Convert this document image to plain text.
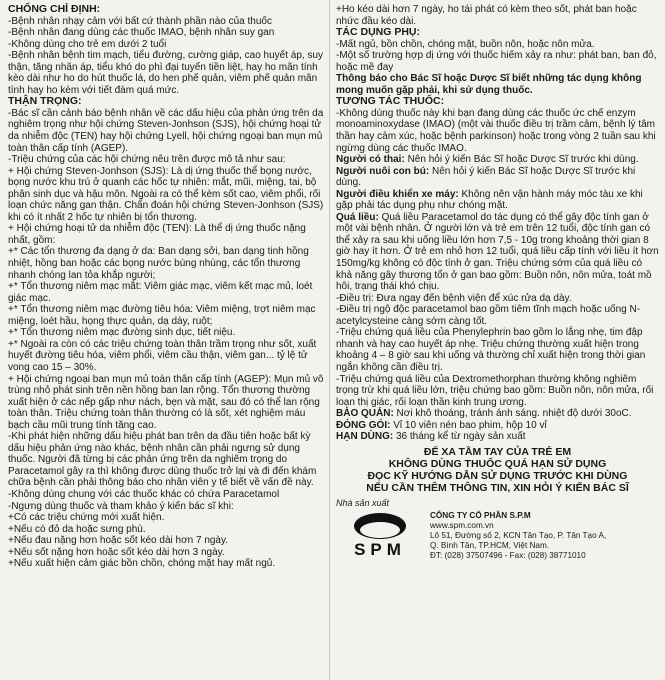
CHỐNG CHỈ ĐỊNH:

-Bệnh nhân nhạy cảm với bất cứ thành phần nào của thuốc

-Bệnh nhân đang dùng các thuốc IMAO, bệnh nhân suy gan

-Không dùng cho trẻ em dưới 2 tuổi

-Bệnh nhân bệnh tim mạch, tiểu đường, cường giáp, cao huyết áp, suy thận, tăng nhãn áp, tiểu khó do phì đại tuyến tiền liệt, hay ho mãn tính kèo dài như ho do hút thuốc lá, do hen phế quản, viêm phế quản mãn tính hay ho kèm với tiết đàm quá mức.

THẬN TRỌNG:

-Bác sĩ cần cảnh báo bệnh nhân về các dấu hiệu của phản ứng trên da nghiêm trọng như hội chứng Steven-Jonhson (SJS), hội chứng hoại tử da nhiễm độc (TEN) hay hội chứng Lyell, hội chứng ngoại ban mụn mủ toàn thân cấp tính (AGEP).

-Triệu chứng của các hội chứng nêu trên được mô tả như sau:

+ Hội chứng Steven-Jonhson (SJS): Là dị ứng thuốc thể bọng nước, bọng nước khu trú ở quanh các hốc tự nhiên: mắt, mũi, miệng, tai, bộ phận sinh dục và hậu môn. Ngoài ra có thể kèm sốt cao, viêm phổi, rối loạn chức năng gan thận. Chẩn đoán hội chứng Steven-Jonhson (SJS) khi có ít nhất 2 hốc tự nhiên bị tổn thương.

+ Hội chứng hoại tử da nhiễm độc (TEN): Là thể dị ứng thuốc nặng nhất, gồm:

+* Các tổn thương đa dạng ở da: Ban dạng sởi, ban dạng tinh hồng nhiệt, hồng ban hoặc các bọng nước bùng nhùng, các tổn thương nhanh chóng lan tỏa khắp người;

+* Tổn thương niêm mạc mắt: Viêm giác mạc, viêm kết mạc mủ, loét giác mạc.

+* Tổn thương niêm mạc đường tiêu hóa: Viêm miệng, trợt niêm mạc miệng, loét hầu, họng thực quản, dạ dày, ruột;

+* Tổn thương niêm mạc đường sinh dục, tiết niệu.

+* Ngoài ra còn có các triệu chứng toàn thân trầm trọng như sốt, xuất huyết đường tiêu hóa, viêm phổi, viêm cầu thận, viêm gan... tỷ lệ tử vong cao 15 – 30%.

+ Hội chứng ngoại ban mụn mủ toàn thân cấp tính (AGEP): Mụn mủ vô trùng nhỏ phát sinh trên nền hồng ban lan rộng. Tổn thương thường xuất hiện ở các nếp gấp như nách, bẹn và mặt, sau đó có thể lan rộng toàn thân. Triệu chứng toàn thân thường có là sốt, xét nghiệm máu bạch cầu mũi trung tính tăng cao.

-Khi phát hiện những dấu hiệu phát ban trên da đầu tiên hoặc bất kỳ dấu hiệu phản ứng nào khác, bệnh nhân cần phải ngưng sử dụng thuốc. Người đã từng bị các phản ứng trên da nghiêm trọng do Paracetamol gây ra thì không được dùng thuốc trở lại và đi đến khám chữa bệnh cần phải thông báo cho nhân viên y tế biết về vấn đề này.

-Không dùng chung với các thuốc khác có chứa Paracetamol

-Ngưng dùng thuốc và tham khảo ý kiến bác sĩ khi:

+Có các triệu chứng mới xuất hiện.

+Nếu có đỏ da hoặc sưng phù.

+Nếu đau nặng hơn hoặc sốt kéo dài hơn 7 ngày.

+Nếu sốt nặng hơn hoặc sốt kéo dài hơn 3 ngày.

+Nếu xuất hiện cảm giác bồn chồn, chóng mặt hay mất ngủ.

+Ho kéo dài hơn 7 ngày, ho tái phát có kèm theo sốt, phát ban hoặc nhức đầu kéo dài.

TÁC DỤNG PHỤ:

-Mất ngủ, bồn chồn, chóng mặt, buồn nôn, hoặc nôn mửa.

-Một số trường hợp dị ứng với thuốc hiếm xảy ra như: phát ban, ban đỏ, hoặc mề đay

Thông báo cho Bác Sĩ hoặc Dược Sĩ biết những tác dụng không mong muốn gặp phải, khi sử dụng thuốc.

TƯƠNG TÁC THUỐC:

-Không dùng thuốc này khi bạn đang dùng các thuốc ức chế enzym monoaminoxydase (IMAO) (một vài thuốc điều trị trầm cảm, bệnh lý tâm thần hay cảm xúc, hoặc bệnh parkinson) hoặc trong vòng 2 tuần sau khi ngừng dùng các thuốc IMAO.

Người có thai: Nên hỏi ý kiến Bác Sĩ hoặc Dược Sĩ trước khi dùng.

Người nuôi con bú: Nên hỏi ý kiến Bác Sĩ hoặc Dược Sĩ trước khi dùng.

Người điều khiển xe máy: Không nên vận hành máy móc tàu xe khi gặp phải tác dụng phụ như chóng mặt.

Quá liều: Quá liều Paracetamol do tác dụng có thể gây độc tính gan ở một vài bệnh nhân. Ở người lớn và trẻ em trên 12 tuổi, độc tính gan có thể xảy ra sau khi uống liều lớn hơn 7,5 - 10g trong khoảng thời gian 8 giờ hay ít hơn. Ở trẻ em nhỏ hơn 12 tuổi, quá liều cấp tính với liều ít hơn 150mg/kg không có độc tính ở gan. Triệu chứng sớm của quá liều có khả năng gây thương tổn ở gan bao gồm: Buồn nôn, nôn mửa, toát mồ hôi, trạng thái khó chịu.

-Điều trị: Đưa ngay đến bệnh viện để xúc rửa dạ dày.

-Điều trị ngộ độc paracetamol bao gồm tiêm tĩnh mạch hoặc uống N-acetylcysteine càng sớm càng tốt.

-Triệu chứng quá liều của Phenylephrin bao gồm lo lắng nhẹ, tim đập nhanh và hay cao huyết áp nhẹ. Triệu chứng thường xuất hiện trong khoảng 4 – 8 giờ sau khi uống và thường chỉ xuất hiện trong thời gian ngắn không cần điều trị.

-Triệu chứng quá liều của Dextromethorphan thường không nghiêm trọng trừ khi quá liều lớn, triệu chứng bao gồm: Buồn nôn, nôn mửa, rối loạn thị giác, rối loạn thần kinh trung ương.

BẢO QUẢN: Nơi khô thoáng, tránh ánh sáng. nhiệt độ dưới 30oC.

ĐÓNG GÓI: Vỉ 10 viên nén bao phim, hộp 10 vỉ

HẠN DÙNG: 36 tháng kể từ ngày sản xuất

ĐỂ XA TẦM TAY CỦA TRẺ EM

KHÔNG DÙNG THUỐC QUÁ HẠN SỬ DỤNG

ĐỌC KỸ HƯỚNG DẪN SỬ DỤNG TRƯỚC KHI DÙNG

NẾU CẦN THÊM THÔNG TIN, XIN HỎI Ý KIẾN BÁC SĨ

Nhà sản xuất

SPM

CÔNG TY CỔ PHẦN S.P.M

www.spm.com.vn

Lô 51, Đường số 2, KCN Tân Tạo, P. Tân Tạo A,

Q. Bình Tân, TP.HCM, Việt Nam.

ĐT: (028) 37507496 - Fax: (028) 38771010
